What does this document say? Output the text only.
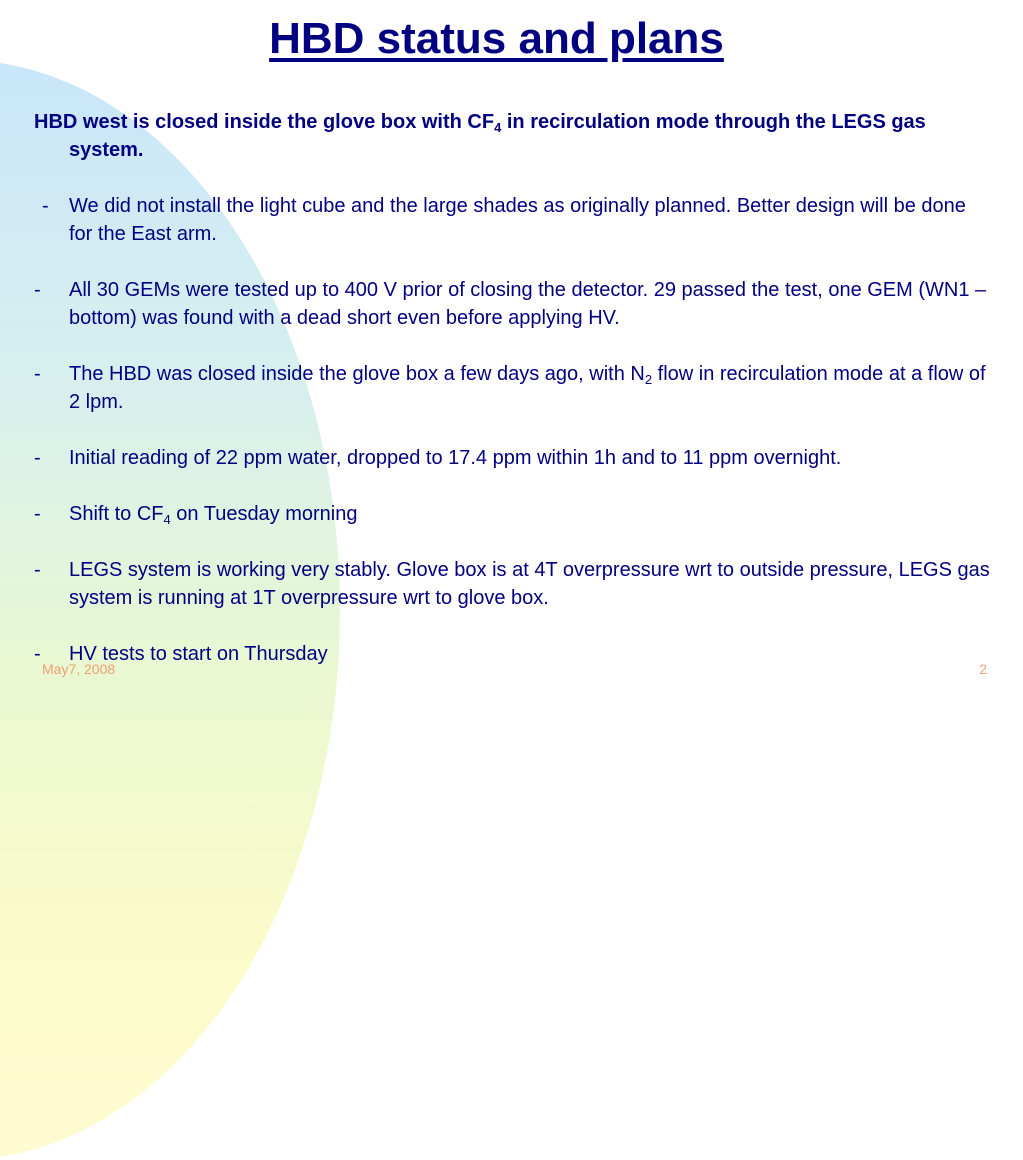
HBD status and plans

HBD west is closed inside the glove box with $CF_4$ in recirculation mode through the LEGS gas system.

- We did not install the light cube and the large shades as originally planned. Better design will be done for the East arm.

- All 30 GEMs were tested up to 400 V prior of closing the detector. 29 passed the test, one GEM (WN1 – bottom) was found with a dead short even before applying HV.

- The HBD was closed inside the glove box a few days ago, with $N_2$ flow in recirculation mode at a flow of 2 lpm.

- Initial reading of 22 ppm water, dropped to 17.4 ppm within 1h and to 11 ppm overnight.

- Shift to $CF_4$ on Tuesday morning

- LEGS system is working very stably. Glove box is at 4T overpressure wrt to outside pressure, LEGS gas system is running at 1T overpressure wrt to glove box.

- HV tests to start on Thursday

May7, 2008	2
